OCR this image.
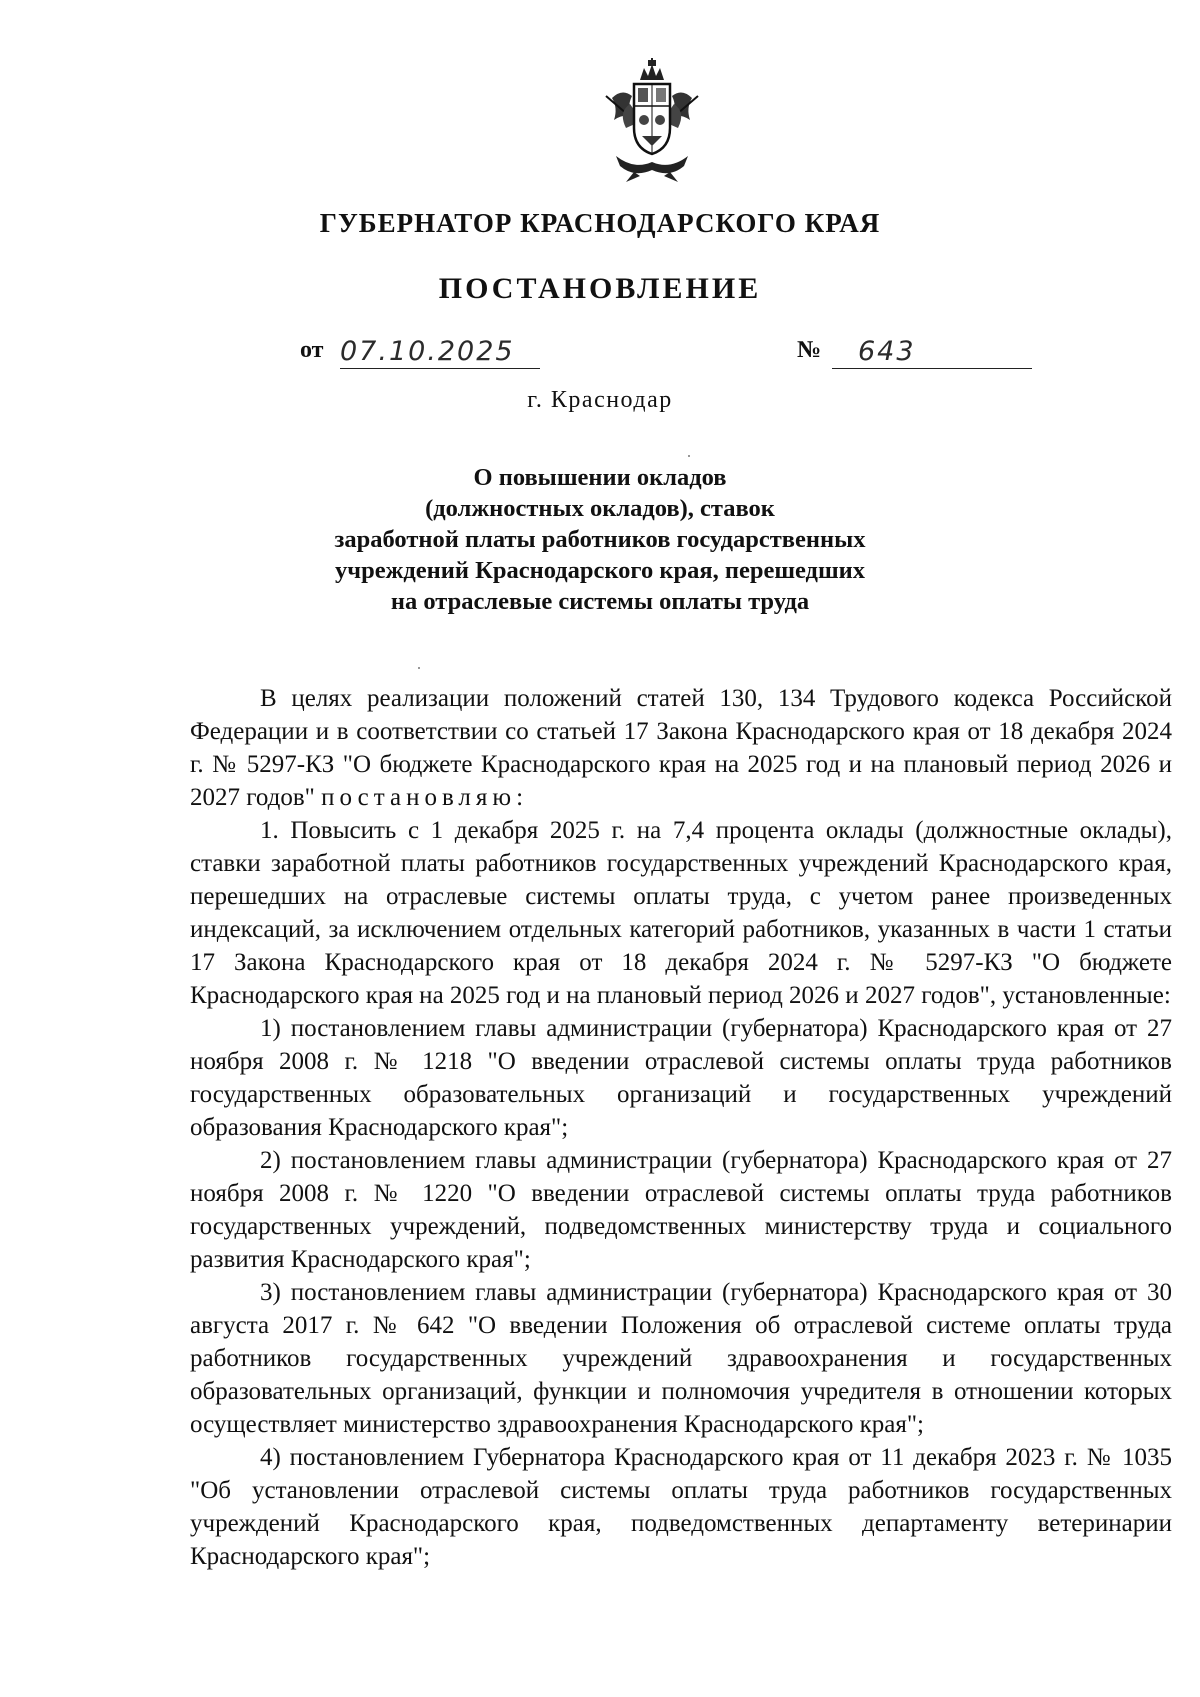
ГУБЕРНАТОР КРАСНОДАРСКОГО КРАЯ
ПОСТАНОВЛЕНИЕ
от 07.10.2025	№ 643
г. Краснодар
О повышении окладов
(должностных окладов), ставок
заработной платы работников государственных
учреждений Краснодарского края, перешедших
на отраслевые системы оплаты труда

В целях реализации положений статей 130, 134 Трудового кодекса Российской Федерации и в соответствии со статьей 17 Закона Краснодарского края от 18 декабря 2024 г. № 5297-КЗ "О бюджете Краснодарского края на 2025 год и на плановый период 2026 и 2027 годов" постановляю:

1. Повысить с 1 декабря 2025 г. на 7,4 процента оклады (должностные оклады), ставки заработной платы работников государственных учреждений Краснодарского края, перешедших на отраслевые системы оплаты труда, с учетом ранее произведенных индексаций, за исключением отдельных категорий работников, указанных в части 1 статьи 17 Закона Краснодарского края от 18 декабря 2024 г. № 5297-КЗ "О бюджете Краснодарского края на 2025 год и на плановый период 2026 и 2027 годов", установленные:

1) постановлением главы администрации (губернатора) Краснодарского края от 27 ноября 2008 г. № 1218 "О введении отраслевой системы оплаты труда работников государственных образовательных организаций и государственных учреждений образования Краснодарского края";

2) постановлением главы администрации (губернатора) Краснодарского края от 27 ноября 2008 г. № 1220 "О введении отраслевой системы оплаты труда работников государственных учреждений, подведомственных министерству труда и социального развития Краснодарского края";

3) постановлением главы администрации (губернатора) Краснодарского края от 30 августа 2017 г. № 642 "О введении Положения об отраслевой системе оплаты труда работников государственных учреждений здравоохранения и государственных образовательных организаций, функции и полномочия учредителя в отношении которых осуществляет министерство здравоохранения Краснодарского края";

4) постановлением Губернатора Краснодарского края от 11 декабря 2023 г. № 1035 "Об установлении отраслевой системы оплаты труда работников государственных учреждений Краснодарского края, подведомственных департаменту ветеринарии Краснодарского края";
